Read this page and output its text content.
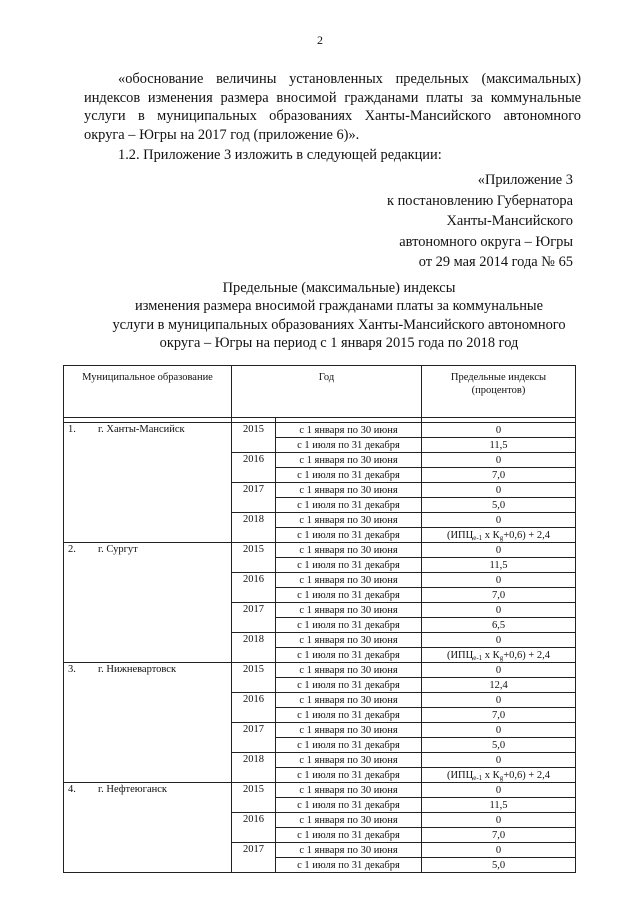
2
«обоснование величины установленных предельных (максимальных) индексов изменения размера вносимой гражданами платы за коммунальные услуги в муниципальных образованиях Ханты-Мансийского автономного округа – Югры на 2017 год (приложение 6)».
1.2. Приложение 3 изложить в следующей редакции:
«Приложение 3
к постановлению Губернатора
Ханты-Мансийского
автономного округа – Югры
от 29 мая 2014 года № 65
Предельные (максимальные) индексы
изменения размера вносимой гражданами платы за коммунальные
услуги в муниципальных образованиях Ханты-Мансийского автономного
округа – Югры на период с 1 января 2015 года по 2018 год
Муниципальное образование	Год		Предельные индексы (процентов)

1. г. Ханты-Мансийск	2015	с 1 января по 30 июня	0
		с 1 июля по 31 декабря	11,5
	2016	с 1 января по 30 июня	0
		с 1 июля по 31 декабря	7,0
	2017	с 1 января по 30 июня	0
		с 1 июля по 31 декабря	5,0
	2018	с 1 января по 30 июня	0
		с 1 июля по 31 декабря	($ИПЦ_{e-1}$ х $К_g+0,6) + 2,4$
2. г. Сургут	2015	с 1 января по 30 июня	0
		с 1 июля по 31 декабря	11,5
	2016	с 1 января по 30 июня	0
		с 1 июля по 31 декабря	7,0
	2017	с 1 января по 30 июня	0
		с 1 июля по 31 декабря	6,5
	2018	с 1 января по 30 июня	0
		с 1 июля по 31 декабря	($ИПЦ_{e-1}$ х $К_g+0,6) + 2,4$
3. г. Нижневартовск	2015	с 1 января по 30 июня	0
		с 1 июля по 31 декабря	12,4
	2016	с 1 января по 30 июня	0
		с 1 июля по 31 декабря	7,0
	2017	с 1 января по 30 июня	0
		с 1 июля по 31 декабря	5,0
	2018	с 1 января по 30 июня	0
		с 1 июля по 31 декабря	($ИПЦ_{e-1}$ х $К_g+0,6) + 2,4$
4. г. Нефтеюганск	2015	с 1 января по 30 июня	0
		с 1 июля по 31 декабря	11,5
	2016	с 1 января по 30 июня	0
		с 1 июля по 31 декабря	7,0
	2017	с 1 января по 30 июня	0
		с 1 июля по 31 декабря	5,0
